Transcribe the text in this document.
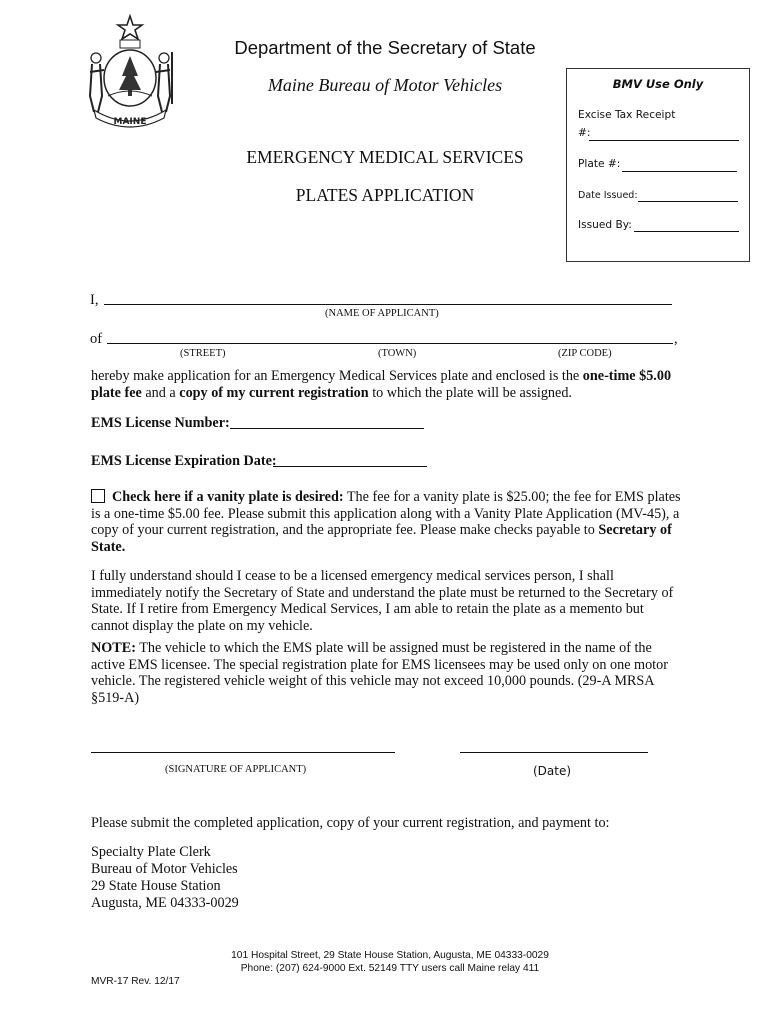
MAINE
Department of the Secretary of State
Maine Bureau of Motor Vehicles
EMERGENCY MEDICAL SERVICES
PLATES APPLICATION
BMV Use Only
Excise Tax Receipt
#:
Plate #:
Date Issued:
Issued By:
I,
(NAME OF APPLICANT)
of	,
(STREET)	(TOWN)	(ZIP CODE)
hereby make application for an Emergency Medical Services plate and enclosed is the one-time $5.00 plate fee and a copy of my current registration to which the plate will be assigned.
EMS License Number:
EMS License Expiration Date:
Check here if a vanity plate is desired: The fee for a vanity plate is $25.00; the fee for EMS plates is a one-time $5.00 fee. Please submit this application along with a Vanity Plate Application (MV-45), a copy of your current registration, and the appropriate fee. Please make checks payable to Secretary of State.
I fully understand should I cease to be a licensed emergency medical services person, I shall immediately notify the Secretary of State and understand the plate must be returned to the Secretary of State. If I retire from Emergency Medical Services, I am able to retain the plate as a memento but cannot display the plate on my vehicle.
NOTE: The vehicle to which the EMS plate will be assigned must be registered in the name of the active EMS licensee. The special registration plate for EMS licensees may be used only on one motor vehicle. The registered vehicle weight of this vehicle may not exceed 10,000 pounds. (29-A MRSA §519-A)
(SIGNATURE OF APPLICANT)	(Date)
Please submit the completed application, copy of your current registration, and payment to:
Specialty Plate Clerk
Bureau of Motor Vehicles
29 State House Station
Augusta, ME 04333-0029
101 Hospital Street, 29 State House Station, Augusta, ME 04333-0029
Phone: (207) 624-9000 Ext. 52149 TTY users call Maine relay 411
MVR-17 Rev. 12/17
